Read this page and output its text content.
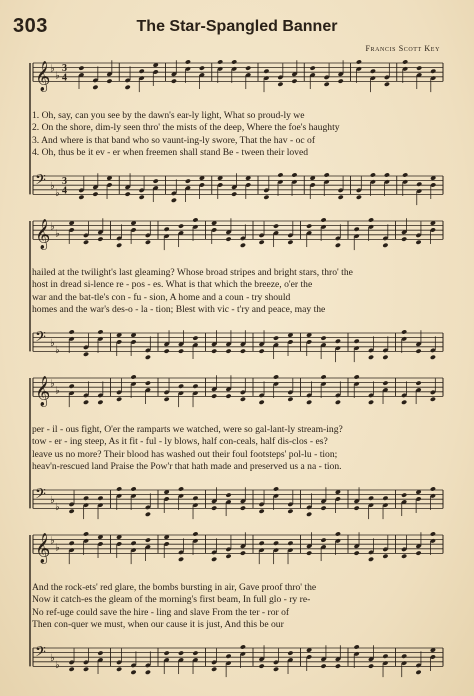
303	The Star-Spangled Banner
Francis Scott Key
𝄞 ♭
♭
3
4
𝄢 ♭
♭
3
4
𝄞 ♭
♭
𝄢 ♭
♭
𝄞 ♭
♭
𝄢 ♭
♭
𝄞 ♭
♭
𝄢 ♭
♭
1. Oh, say, can you see by the dawn's ear-ly light, What so proud-ly we
2. On the shore, dim-ly seen thro' the mists of the deep, Where the foe's haughty
3. And where is that band who so vaunt-ing-ly swore, That the hav - oc of
4. Oh, thus be it ev - er when freemen shall stand Be - tween their loved
hailed at the twilight's last gleaming? Whose broad stripes and bright stars, thro' the
host in dread si-lence re - pos - es. What is that which the breeze, o'er the
war and the bat-tle's con - fu - sion, A home and a coun - try should
homes and the war's des-o - la - tion; Blest with vic - t'ry and peace, may the
per - il - ous fight, O'er the ramparts we watched, were so gal-lant-ly stream-ing?
tow - er - ing steep, As it fit - ful - ly blows, half con-ceals, half dis-clos - es?
leave us no more? Their blood has washed out their foul footsteps' pol-lu - tion;
heav'n-rescued land Praise the Pow'r that hath made and preserved us a na - tion.
And the rock-ets' red glare, the bombs bursting in air, Gave proof thro' the
Now it catch-es the gleam of the morning's first beam, In full glo - ry re-
No ref-uge could save the hire - ling and slave From the ter - ror of
Then con-quer we must, when our cause it is just, And this be our
